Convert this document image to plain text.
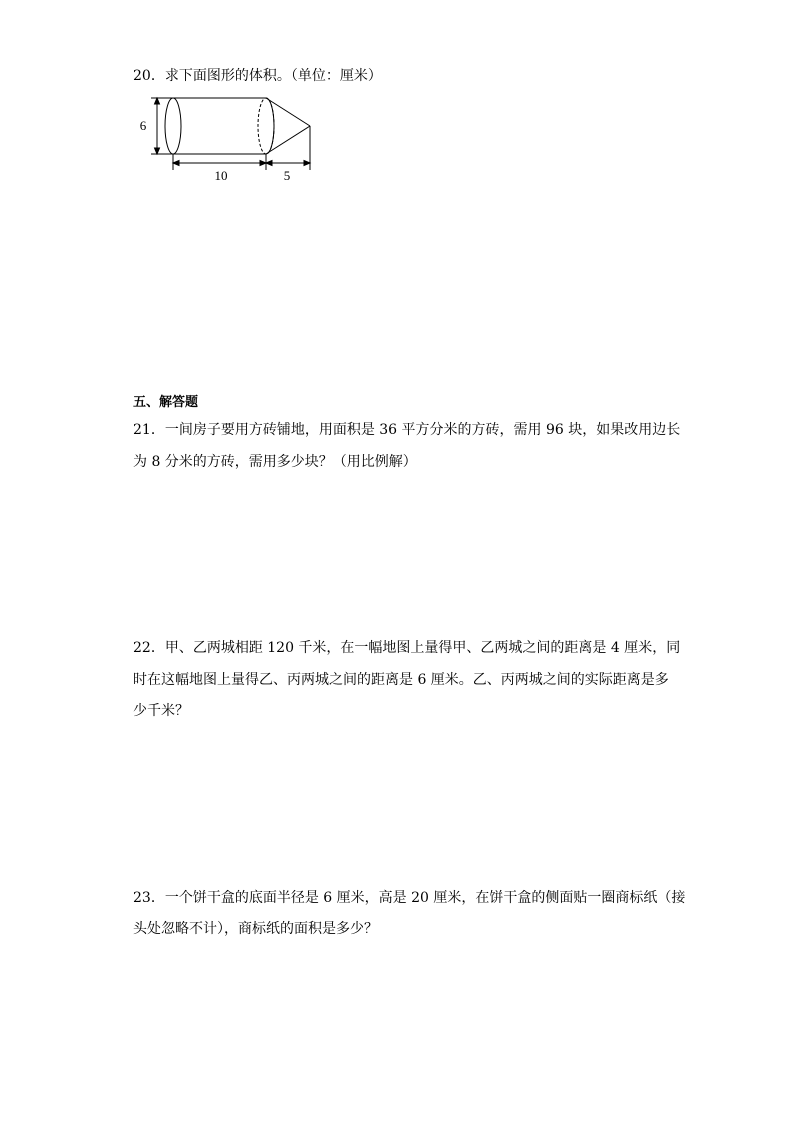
20．求下面图形的体积。（单位：厘米）
6
10	5
五、解答题
21．一间房子要用方砖铺地，用面积是 36 平方分米的方砖，需用 96 块，如果改用边长
为 8 分米的方砖，需用多少块？（用比例解）
22．甲、乙两城相距 120 千米，在一幅地图上量得甲、乙两城之间的距离是 4 厘米，同
时在这幅地图上量得乙、丙两城之间的距离是 6 厘米。乙、丙两城之间的实际距离是多
少千米？
23．一个饼干盒的底面半径是 6 厘米，高是 20 厘米，在饼干盒的侧面贴一圈商标纸（接
头处忽略不计），商标纸的面积是多少？
